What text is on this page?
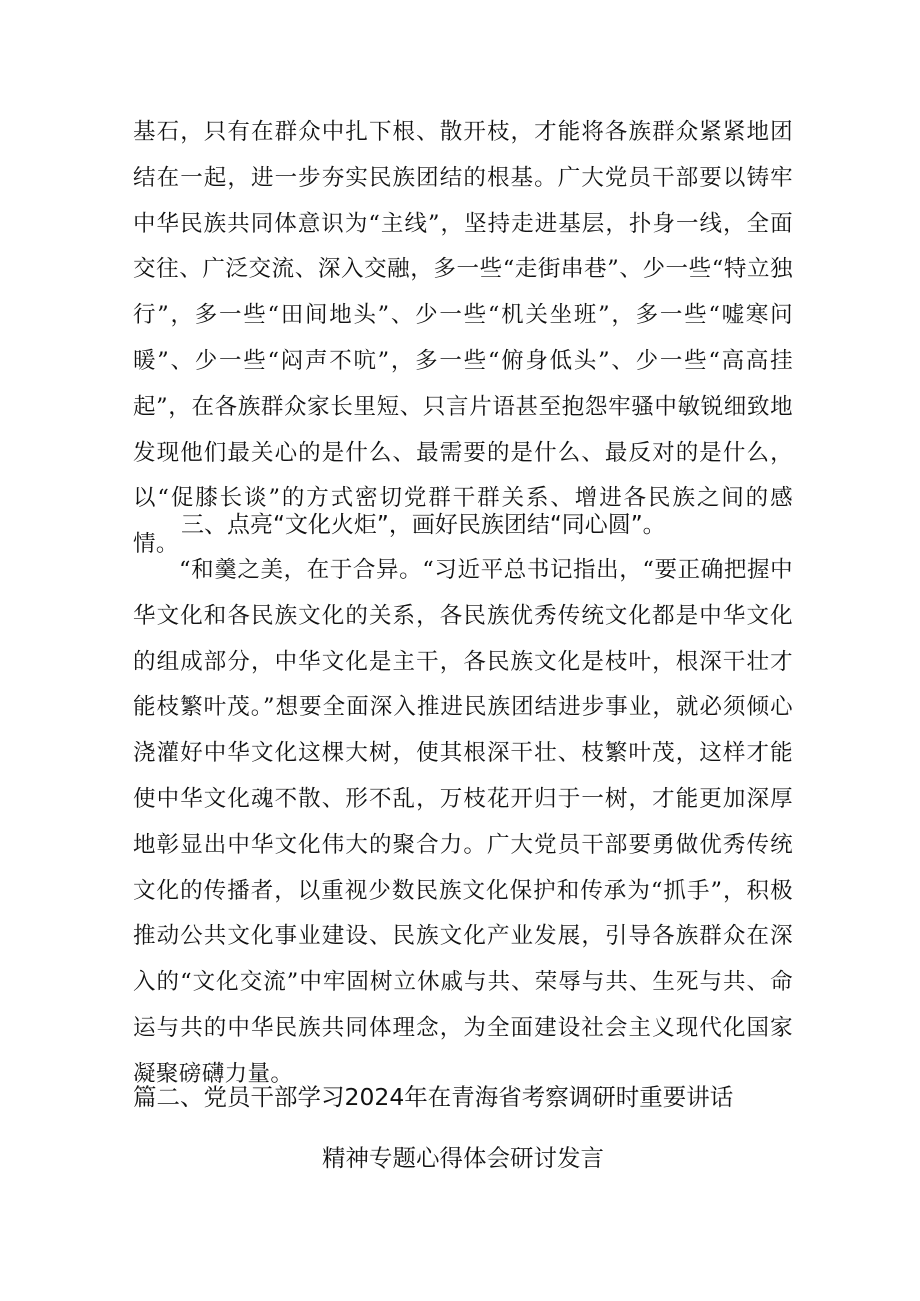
基石，只有在群众中扎下根、散开枝，才能将各族群众紧紧地团结在一起，进一步夯实民族团结的根基。广大党员干部要以铸牢中华民族共同体意识为“主线”，坚持走进基层，扑身一线，全面交往、广泛交流、深入交融，多一些“走街串巷”、少一些“特立独行”，多一些“田间地头”、少一些“机关坐班”，多一些“嘘寒问暖”、少一些“闷声不吭”，多一些“俯身低头”、少一些“高高挂起”，在各族群众家长里短、只言片语甚至抱怨牢骚中敏锐细致地发现他们最关心的是什么、最需要的是什么、最反对的是什么，以“促膝长谈”的方式密切党群干群关系、增进各民族之间的感情。

三、点亮“文化火炬”，画好民族团结“同心圆”。

“和羹之美，在于合异。“习近平总书记指出，“要正确把握中华文化和各民族文化的关系，各民族优秀传统文化都是中华文化的组成部分，中华文化是主干，各民族文化是枝叶，根深干壮才能枝繁叶茂。”想要全面深入推进民族团结进步事业，就必须倾心浇灌好中华文化这棵大树，使其根深干壮、枝繁叶茂，这样才能使中华文化魂不散、形不乱，万枝花开归于一树，才能更加深厚地彰显出中华文化伟大的聚合力。广大党员干部要勇做优秀传统文化的传播者，以重视少数民族文化保护和传承为“抓手”，积极推动公共文化事业建设、民族文化产业发展，引导各族群众在深入的“文化交流”中牢固树立休戚与共、荣辱与共、生死与共、命运与共的中华民族共同体理念，为全面建设社会主义现代化国家凝聚磅礴力量。

篇二、党员干部学习2024年在青海省考察调研时重要讲话

精神专题心得体会研讨发言
